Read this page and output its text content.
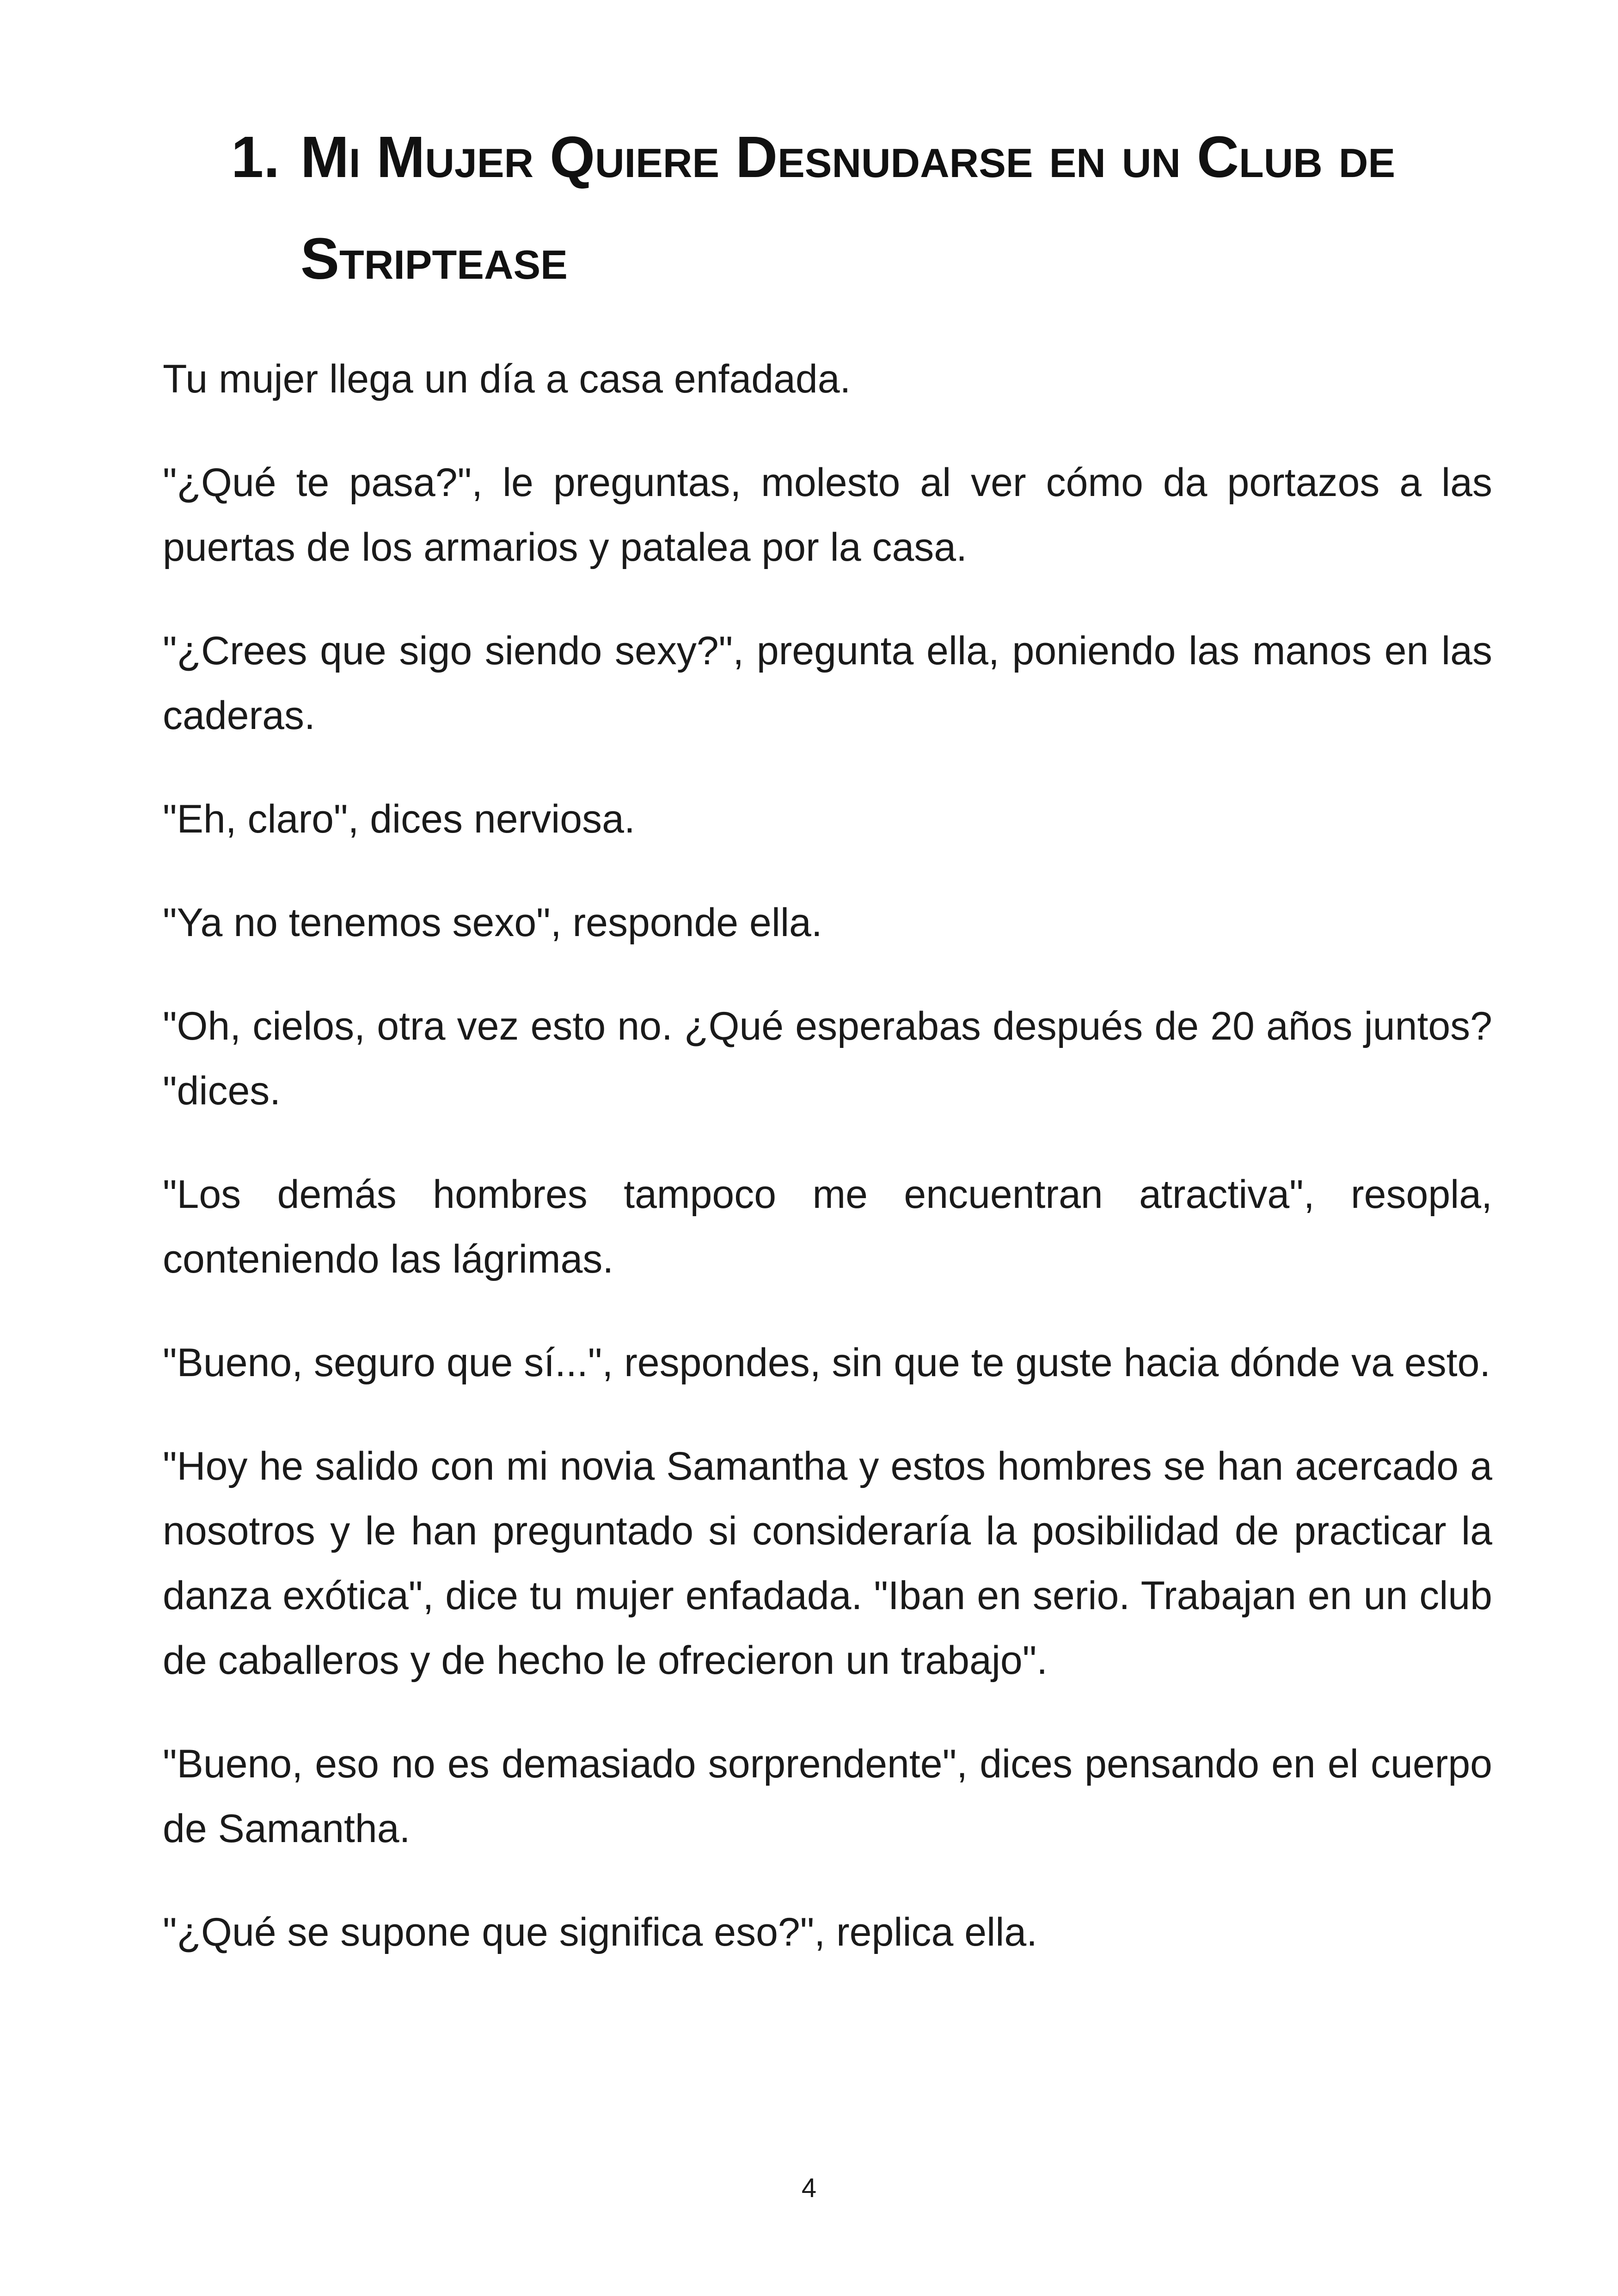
1. Mi Mujer Quiere Desnudarse en un Club de
Striptease

Tu mujer llega un día a casa enfadada.

"¿Qué te pasa?", le preguntas, molesto al ver cómo da portazos a las puertas de los armarios y patalea por la casa.

"¿Crees que sigo siendo sexy?", pregunta ella, poniendo las manos en las caderas.

"Eh, claro", dices nerviosa.

"Ya no tenemos sexo", responde ella.

"Oh, cielos, otra vez esto no. ¿Qué esperabas después de 20 años juntos? "dices.

"Los demás hombres tampoco me encuentran atractiva", resopla, conteniendo las lágrimas.

"Bueno, seguro que sí...", respondes, sin que te guste hacia dónde va esto.

"Hoy he salido con mi novia Samantha y estos hombres se han acercado a nosotros y le han preguntado si consideraría la posibilidad de practicar la danza exótica", dice tu mujer enfadada. "Iban en serio. Trabajan en un club de caballeros y de hecho le ofrecieron un trabajo".

"Bueno, eso no es demasiado sorprendente", dices pensando en el cuerpo de Samantha.

"¿Qué se supone que significa eso?", replica ella.

4
